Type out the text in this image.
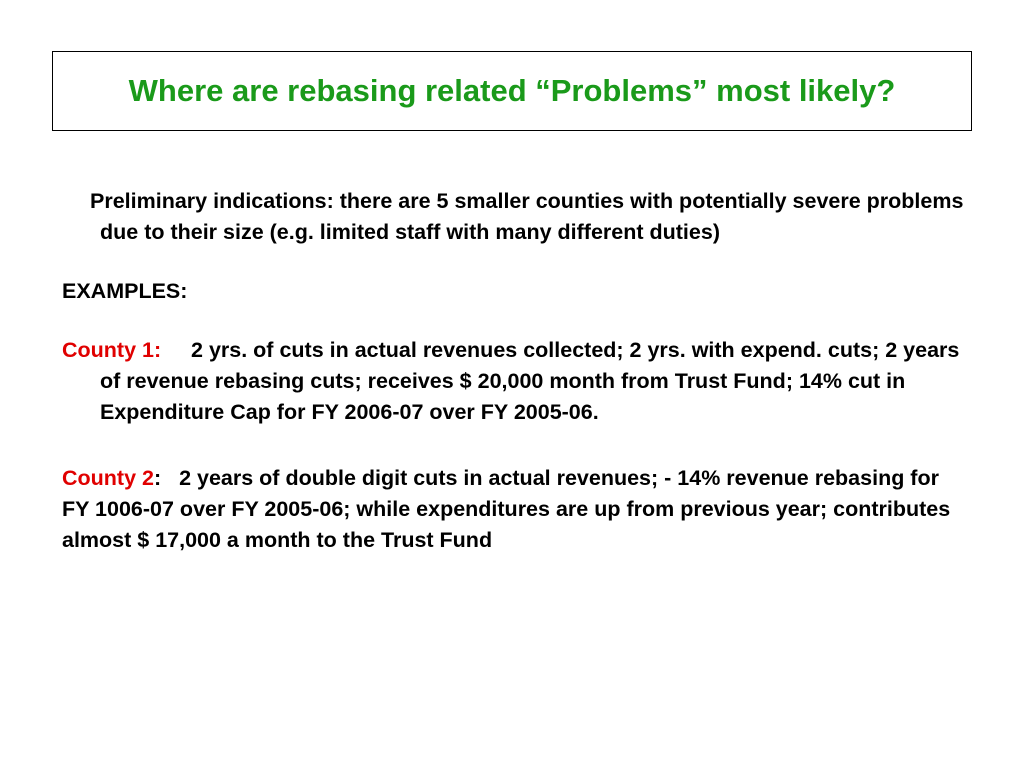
Where are rebasing related “Problems” most likely?

Preliminary indications: there are 5 smaller counties with potentially severe problems due to their size (e.g. limited staff with many different duties)

EXAMPLES:

County 1: 2 yrs. of cuts in actual revenues collected; 2 yrs. with expend. cuts; 2 years of revenue rebasing cuts; receives $ 20,000 month from Trust Fund; 14% cut in Expenditure Cap for FY 2006-07 over FY 2005-06.

County 2: 2 years of double digit cuts in actual revenues; - 14% revenue rebasing for FY 1006-07 over FY 2005-06; while expenditures are up from previous year; contributes almost $ 17,000 a month to the Trust Fund
